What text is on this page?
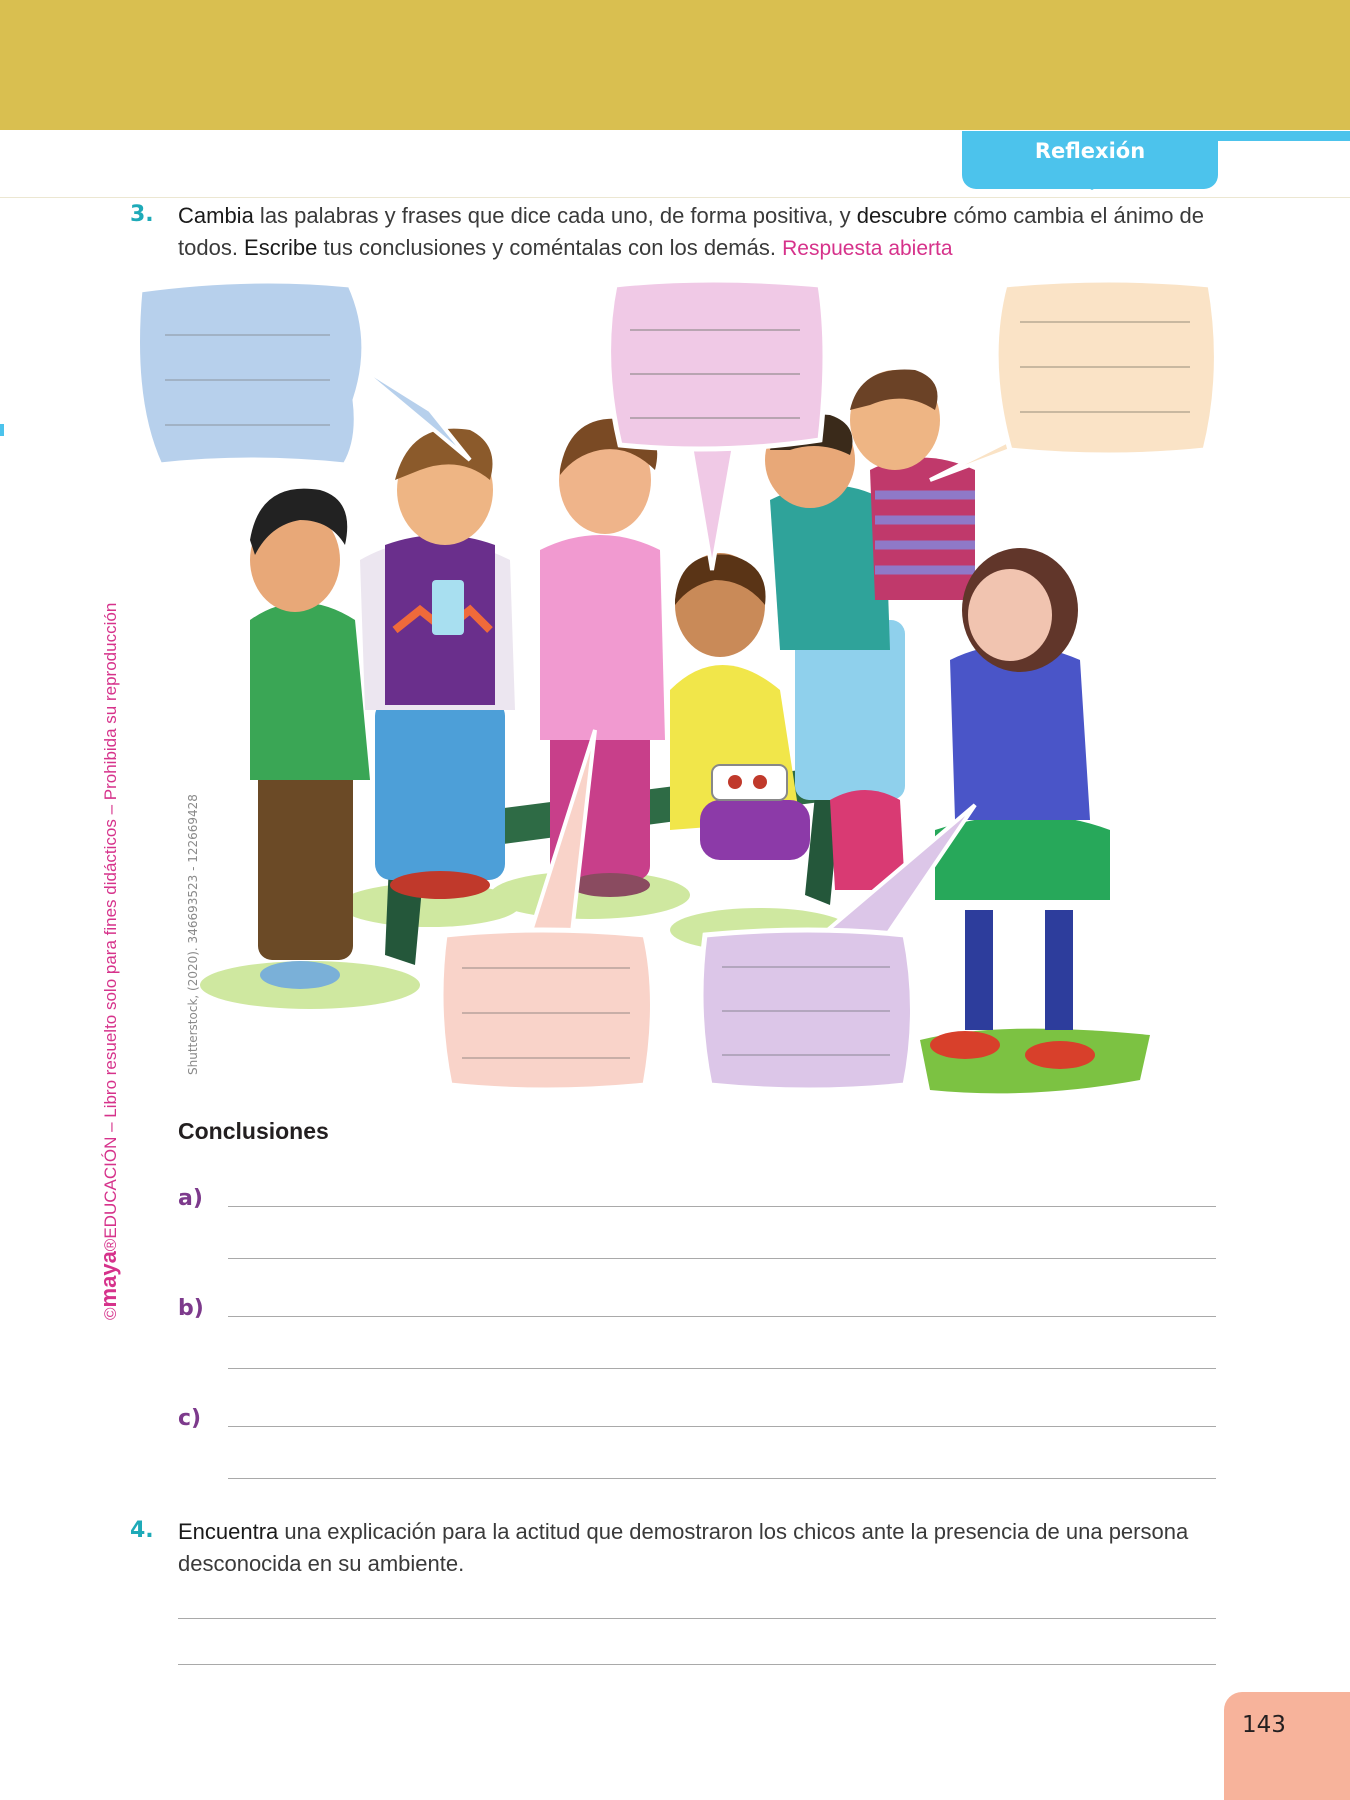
Reflexión
3. Cambia las palabras y frases que dice cada uno, de forma positiva, y descubre cómo cambia el ánimo de todos. Escribe tus conclusiones y coméntalas con los demás. Respuesta abierta
©maya®EDUCACIÓN – Libro resuelto solo para fines didácticos – Prohibida su reproducción	Shutterstock, (2020). 346693523 - 122669428
Conclusiones
a)
b)
c)
4. Encuentra una explicación para la actitud que demostraron los chicos ante la presencia de una persona desconocida en su ambiente.
143
